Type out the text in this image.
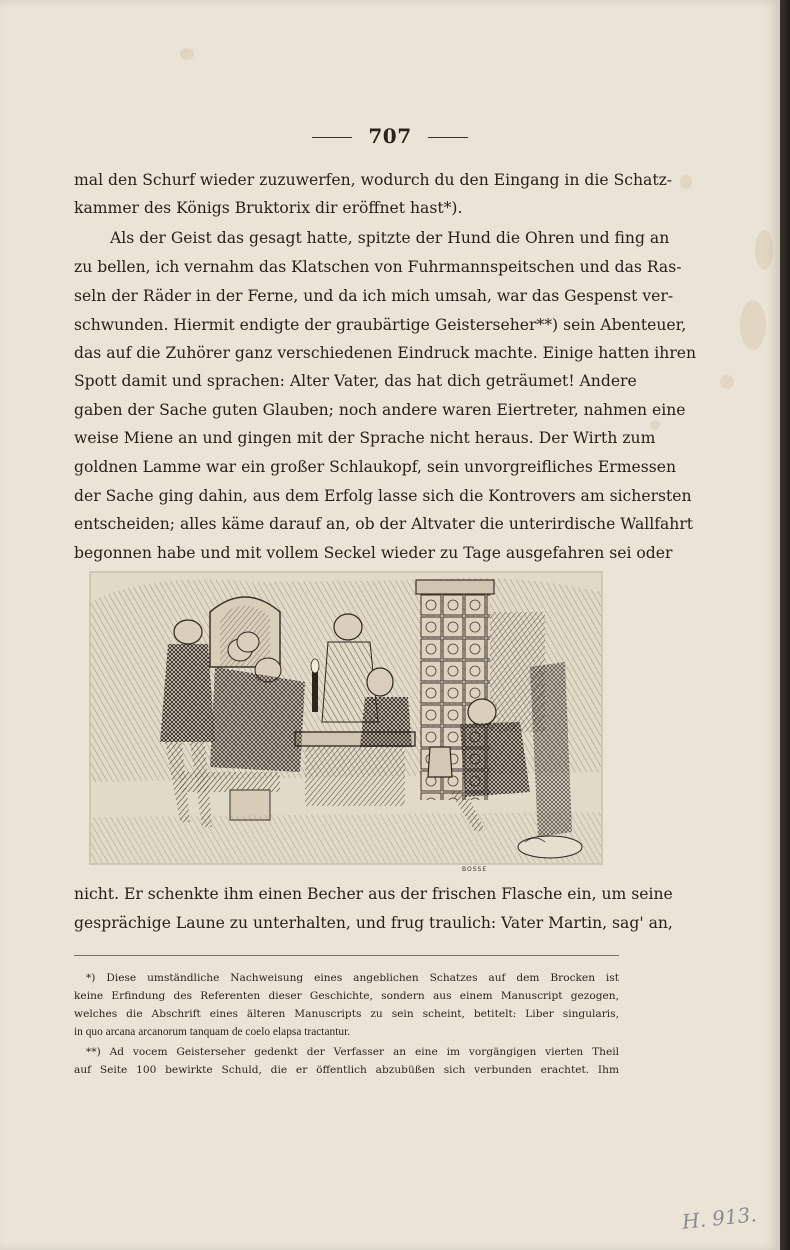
707
mal den Schurf wieder zuzuwerfen, wodurch du den Eingang in die Schatz-
kammer des Königs Bruktorix dir eröffnet hast*).
Als der Geist das gesagt hatte, spitzte der Hund die Ohren und fing an
zu bellen, ich vernahm das Klatschen von Fuhrmannspeitschen und das Ras-
seln der Räder in der Ferne, und da ich mich umsah, war das Gespenst ver-
schwunden. Hiermit endigte der graubärtige Geisterseher**) sein Abenteuer,
das auf die Zuhörer ganz verschiedenen Eindruck machte. Einige hatten ihren
Spott damit und sprachen: Alter Vater, das hat dich geträumet! Andere
gaben der Sache guten Glauben; noch andere waren Eiertreter, nahmen eine
weise Miene an und gingen mit der Sprache nicht heraus. Der Wirth zum
goldnen Lamme war ein großer Schlaukopf, sein unvorgreifliches Ermessen
der Sache ging dahin, aus dem Erfolg lasse sich die Kontrovers am sichersten
entscheiden; alles käme darauf an, ob der Altvater die unterirdische Wallfahrt
begonnen habe und mit vollem Seckel wieder zu Tage ausgefahren sei oder
BOSSE
nicht. Er schenkte ihm einen Becher aus der frischen Flasche ein, um seine
gesprächige Laune zu unterhalten, und frug traulich: Vater Martin, sag' an,
*) Diese umständliche Nachweisung eines angeblichen Schatzes auf dem Brocken ist
keine Erfindung des Referenten dieser Geschichte, sondern aus einem Manuscript gezogen,
welches die Abschrift eines älteren Manuscripts zu sein scheint, betitelt: Liber singularis,
in quo arcana arcanorum tanquam de coelo elapsa tractantur.
**) Ad vocem Geisterseher gedenkt der Verfasser an eine im vorgängigen vierten Theil
auf Seite 100 bewirkte Schuld, die er öffentlich abzubüßen sich verbunden erachtet. Ihm
H. 913.
